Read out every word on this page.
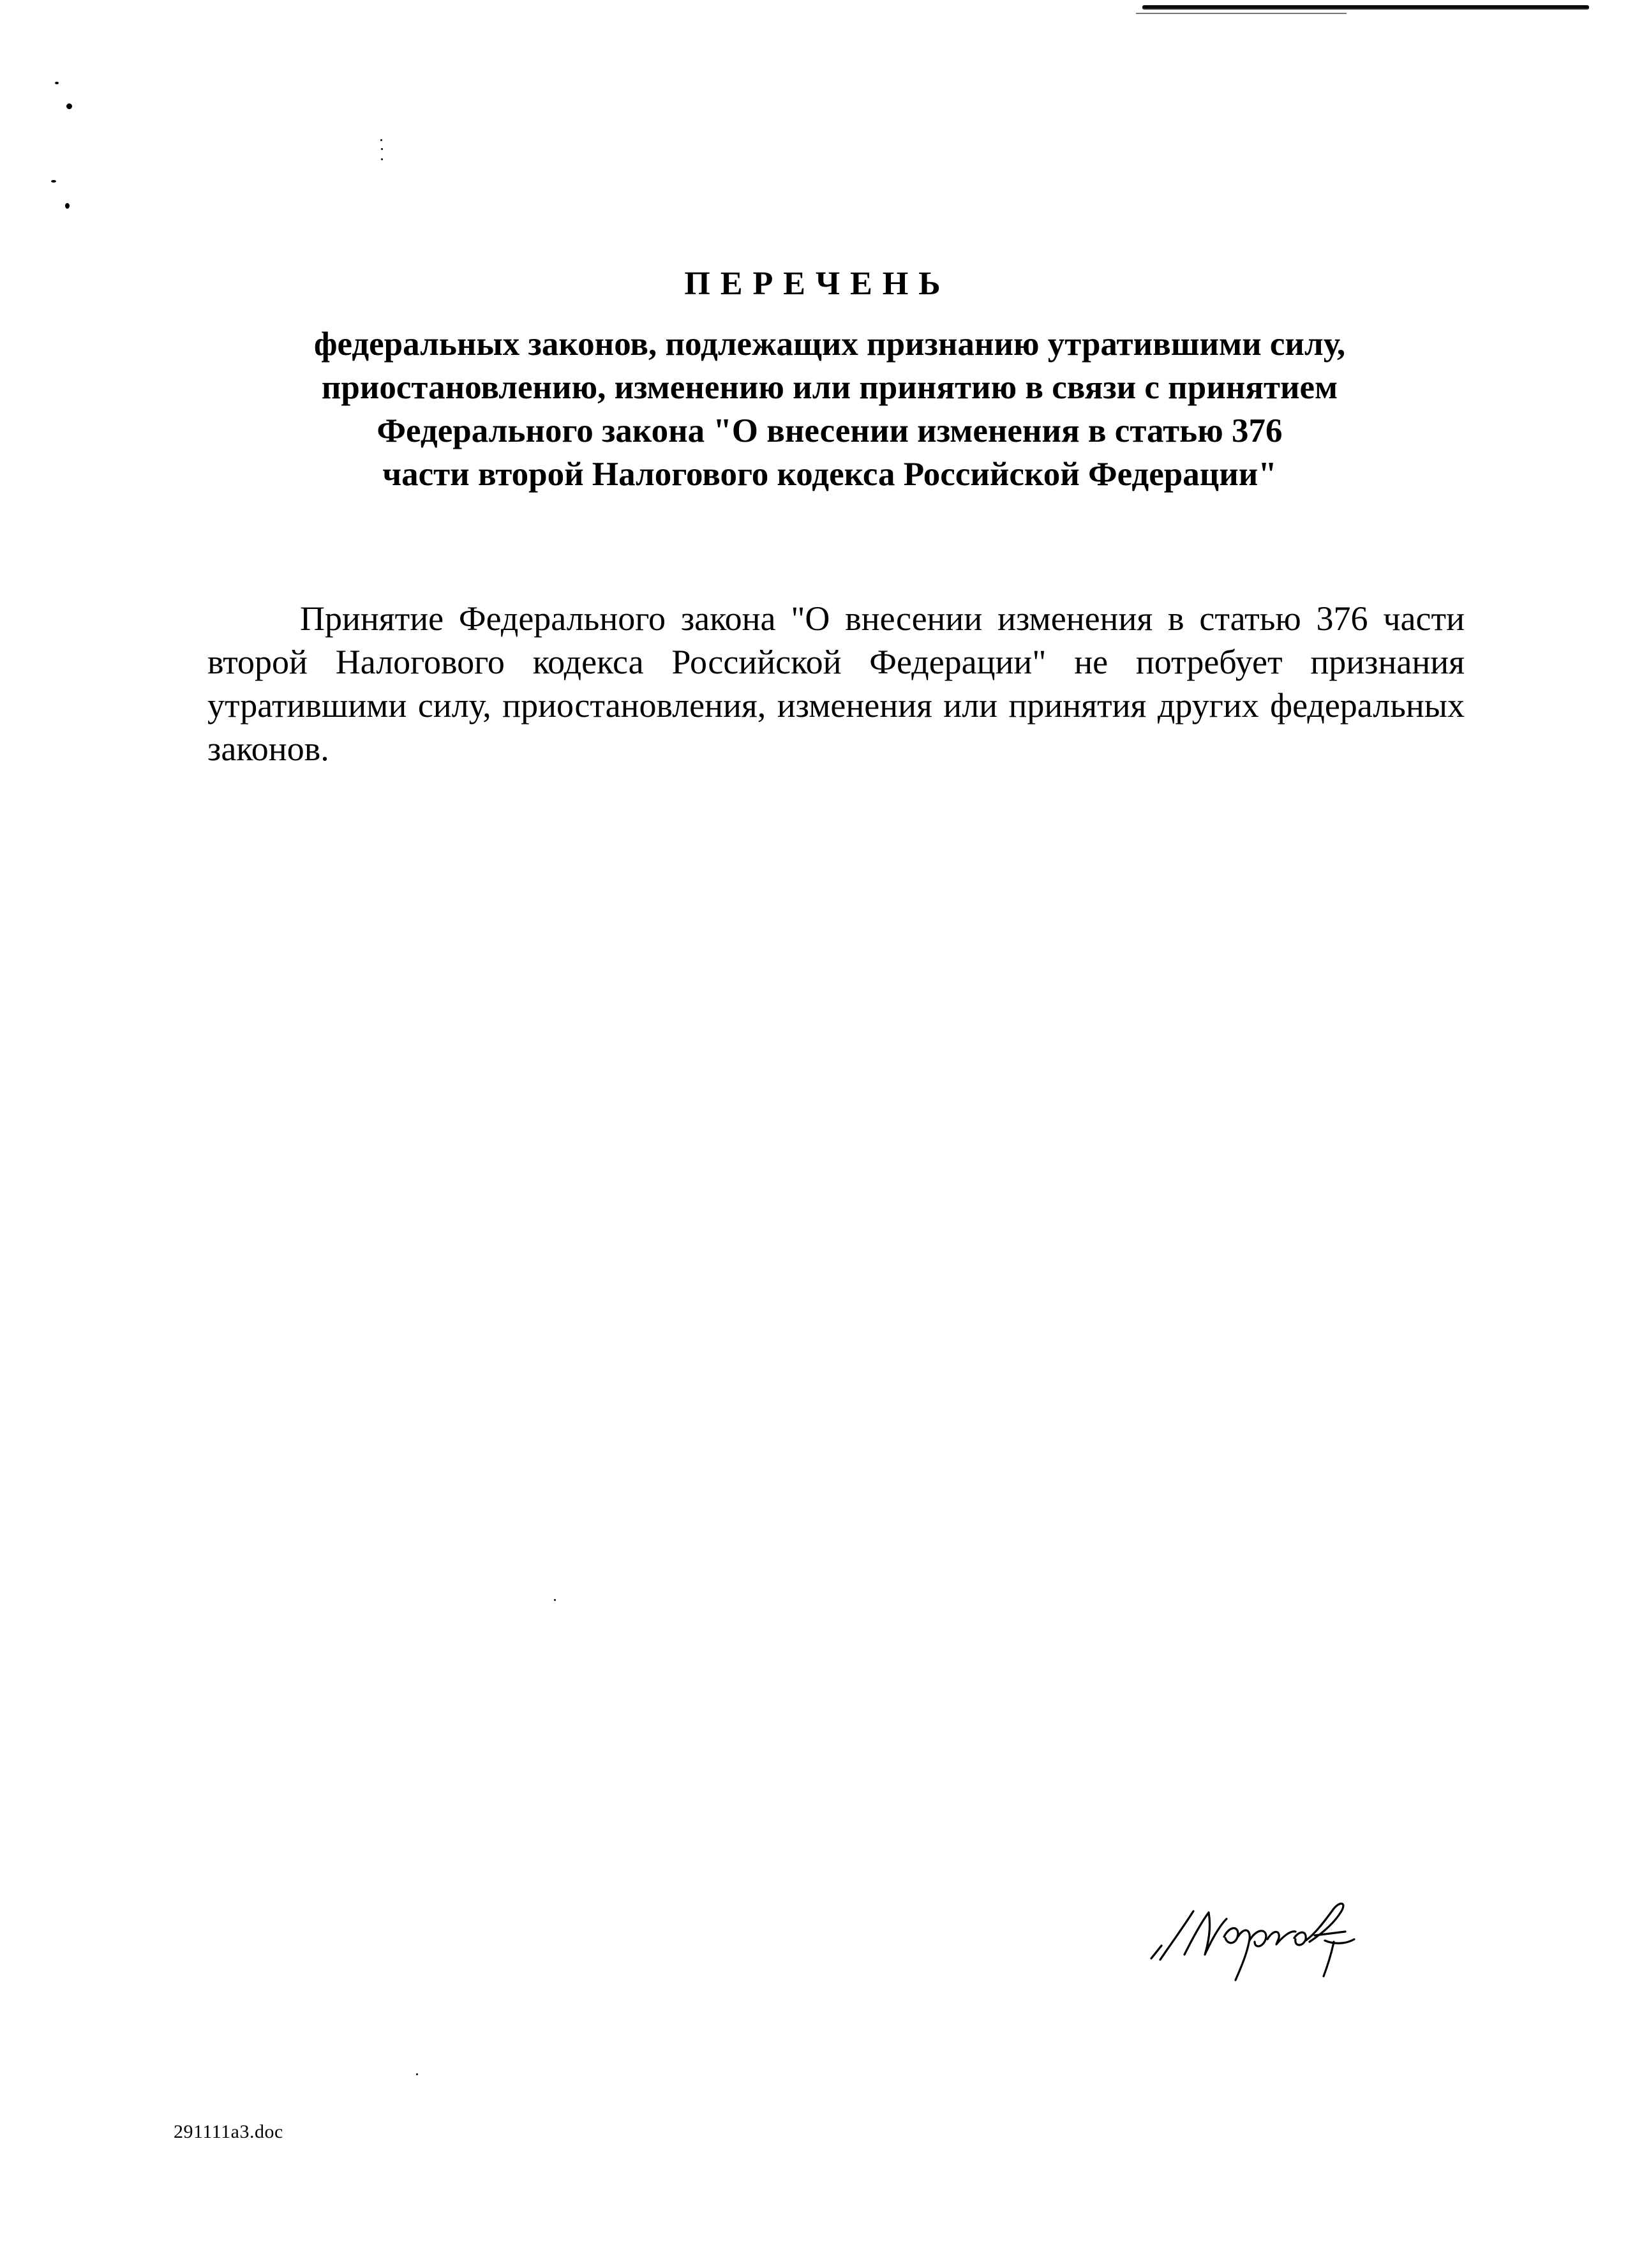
ПЕРЕЧЕНЬ
федеральных законов, подлежащих признанию утратившими силу,
приостановлению, изменению или принятию в связи с принятием
Федерального закона "О внесении изменения в статью 376
части второй Налогового кодекса Российской Федерации"

Принятие Федерального закона "О внесении изменения в статью 376 части второй Налогового кодекса Российской Федерации" не потребует признания утратившими силу, приостановления, изменения или принятия других федеральных законов.

291111a3.doc
